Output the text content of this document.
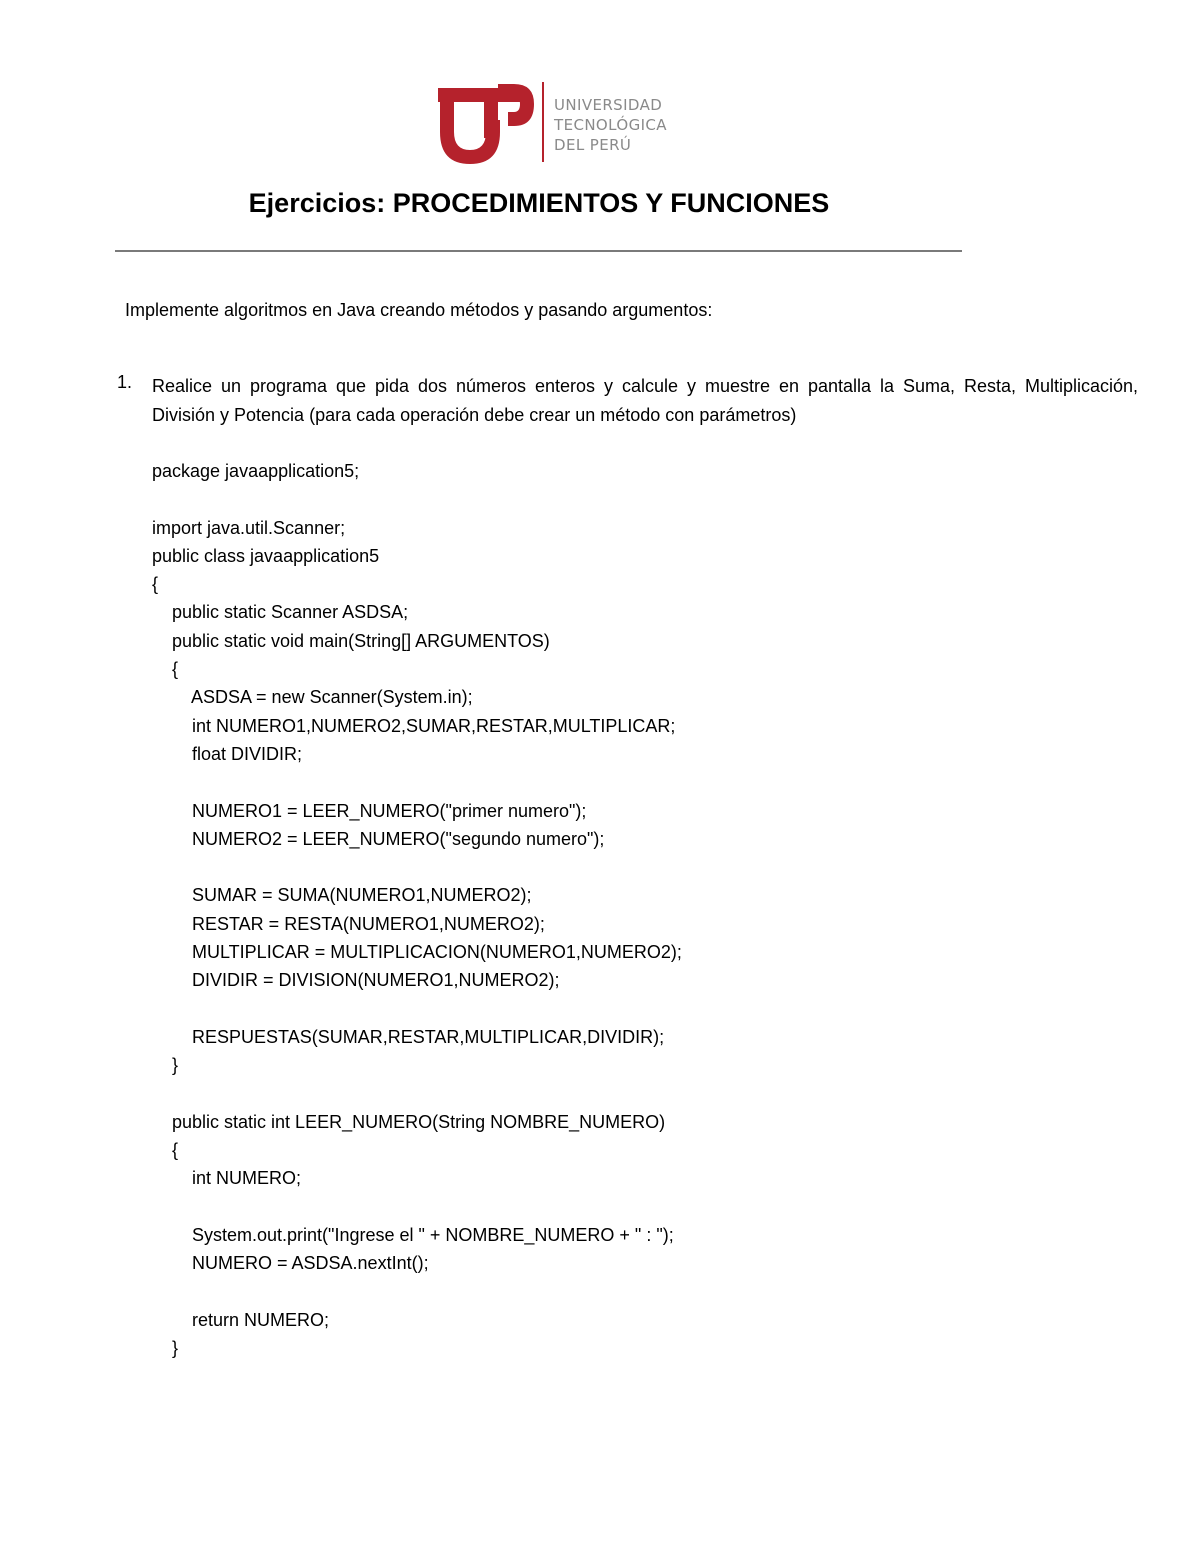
UNIVERSIDAD
TECNOLÓGICA
DEL PERÚ
Ejercicios: PROCEDIMIENTOS Y FUNCIONES
Implemente algoritmos en Java creando métodos y pasando argumentos:
1. Realice un programa que pida dos números enteros y calcule y muestre en pantalla la Suma, Resta, Multiplicación, División y Potencia (para cada operación debe crear un método con parámetros)
package javaapplication5;
import java.util.Scanner;
public class javaapplication5
{
public static Scanner ASDSA;
public static void main(String[] ARGUMENTOS)
{
ASDSA = new Scanner(System.in);
int NUMERO1,NUMERO2,SUMAR,RESTAR,MULTIPLICAR;
float DIVIDIR;
NUMERO1 = LEER_NUMERO("primer numero");
NUMERO2 = LEER_NUMERO("segundo numero");
SUMAR = SUMA(NUMERO1,NUMERO2);
RESTAR = RESTA(NUMERO1,NUMERO2);
MULTIPLICAR = MULTIPLICACION(NUMERO1,NUMERO2);
DIVIDIR = DIVISION(NUMERO1,NUMERO2);
RESPUESTAS(SUMAR,RESTAR,MULTIPLICAR,DIVIDIR);
}
public static int LEER_NUMERO(String NOMBRE_NUMERO)
{
int NUMERO;
System.out.print("Ingrese el " + NOMBRE_NUMERO + " : ");
NUMERO = ASDSA.nextInt();
return NUMERO;
}
